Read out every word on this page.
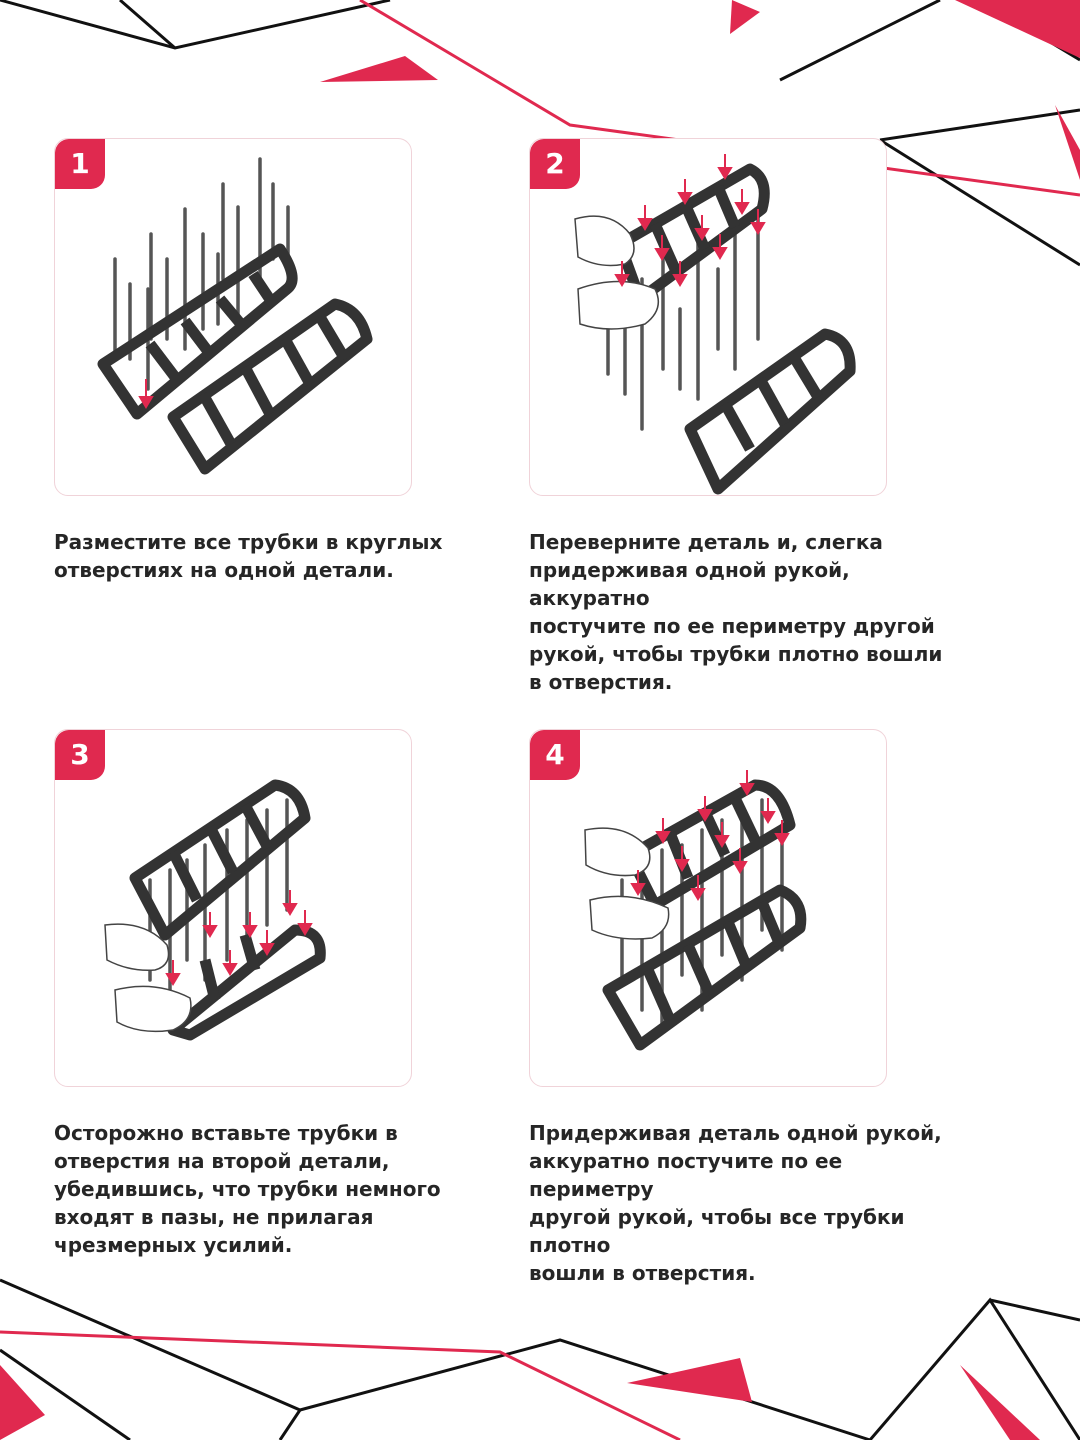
1	2
3	4

Разместите все трубки в круглых
отверстиях на одной детали.

Переверните деталь и, слегка
придерживая одной рукой, аккуратно
постучите по ее периметру другой
рукой, чтобы трубки плотно вошли
в отверстия.

Осторожно вставьте трубки в
отверстия на второй детали,
убедившись, что трубки немного
входят в пазы, не прилагая
чрезмерных усилий.

Придерживая деталь одной рукой,
аккуратно постучите по ее периметру
другой рукой, чтобы все трубки плотно
вошли в отверстия.
